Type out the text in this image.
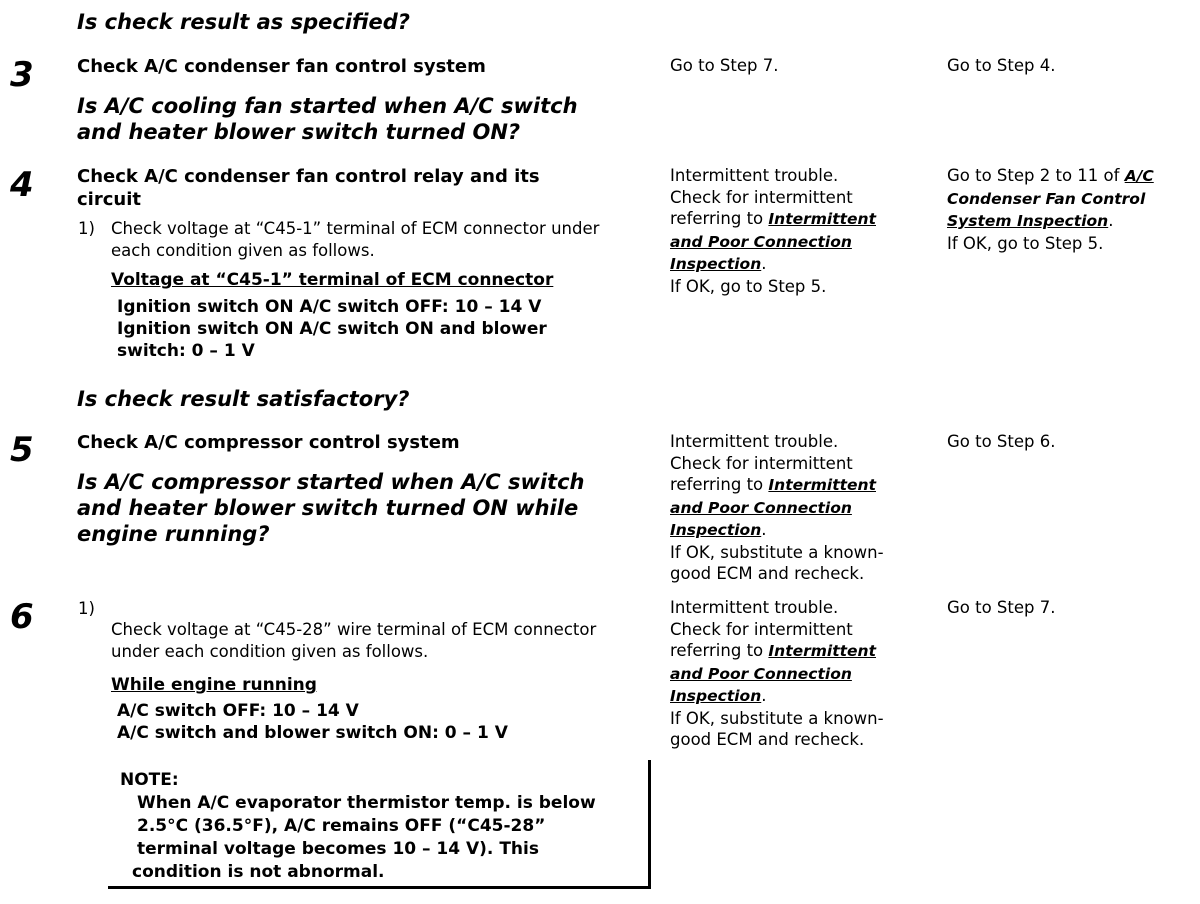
Is check result as specified?
3 Check A/C condenser fan control system
Is A/C cooling fan started when A/C switch
and heater blower switch turned ON?
Go to Step 7.	Go to Step 4.
4 Check A/C condenser fan control relay and its
circuit
1) Check voltage at “C45-1” terminal of ECM connector under
each condition given as follows.
Voltage at “C45-1” terminal of ECM connector
Ignition switch ON A/C switch OFF: 10 – 14 V
Ignition switch ON A/C switch ON and blower
switch: 0 – 1 V
Is check result satisfactory?
Intermittent trouble.
Check for intermittent
referring to Intermittent
and Poor Connection
Inspection.
If OK, go to Step 5.
Go to Step 2 to 11 of A/C
Condenser Fan Control
System Inspection.
If OK, go to Step 5.
5 Check A/C compressor control system
Is A/C compressor started when A/C switch
and heater blower switch turned ON while
engine running?
Intermittent trouble.
Check for intermittent
referring to Intermittent
and Poor Connection
Inspection.
If OK, substitute a known-
good ECM and recheck.
Go to Step 6.
6	1)
Check voltage at “C45-28” wire terminal of ECM connector
under each condition given as follows.
While engine running
A/C switch OFF: 10 – 14 V
A/C switch and blower switch ON: 0 – 1 V
NOTE:
When A/C evaporator thermistor temp. is below
2.5°C (36.5°F), A/C remains OFF (“C45-28”
terminal voltage becomes 10 – 14 V). This
condition is not abnormal.
Intermittent trouble.
Check for intermittent
referring to Intermittent
and Poor Connection
Inspection.
If OK, substitute a known-
good ECM and recheck.
Go to Step 7.
